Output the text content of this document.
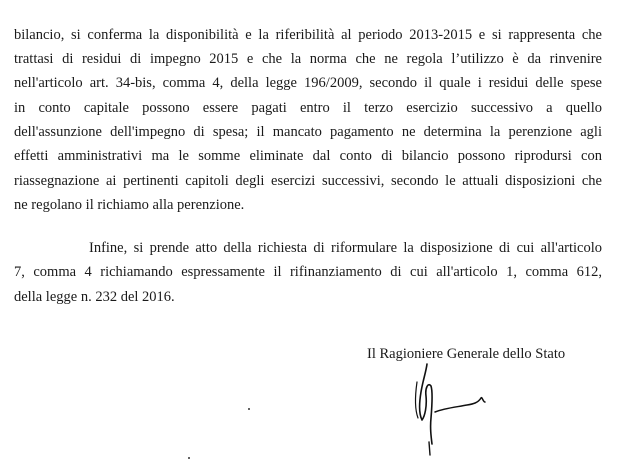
bilancio, si conferma la disponibilità e la riferibilità al periodo 2013-2015 e si rappresenta che
trattasi di residui di impegno 2015 e che la norma che ne regola l’utilizzo è da rinvenire
nell'articolo art. 34-bis, comma 4, della legge 196/2009, secondo il quale i residui delle spese
in conto capitale possono essere pagati entro il terzo esercizio successivo a quello
dell'assunzione dell'impegno di spesa; il mancato pagamento ne determina la perenzione agli
effetti amministrativi ma le somme eliminate dal conto di bilancio possono riprodursi con
riassegnazione ai pertinenti capitoli degli esercizi successivi, secondo le attuali disposizioni che
ne regolano il richiamo alla perenzione.
Infine, si prende atto della richiesta di riformulare la disposizione di cui all'articolo
7, comma 4 richiamando espressamente il rifinanziamento di cui all'articolo 1, comma 612,
della legge n. 232 del 2016.
Il Ragioniere Generale dello Stato
